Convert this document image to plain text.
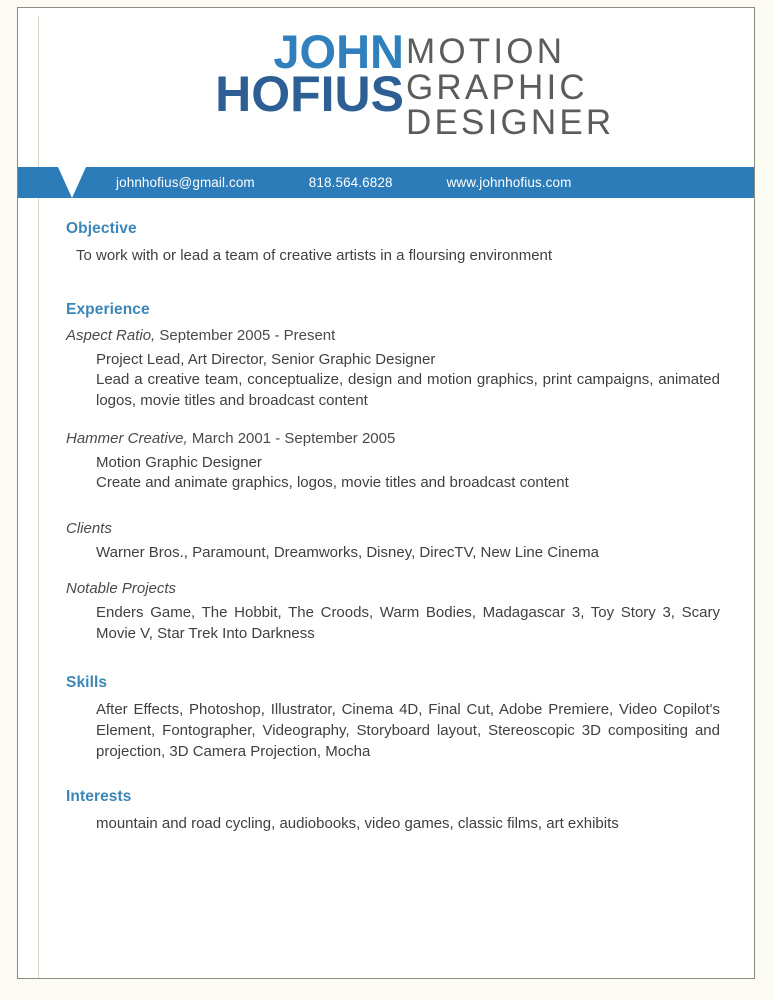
JOHN
HOFIUS
MOTION
GRAPHIC
DESIGNER
johnhofius@gmail.com	818.564.6828	www.johnhofius.com
Objective
To work with or lead a team of creative artists in a floursing environment
Experience
Aspect Ratio, September 2005 - Present
Project Lead, Art Director, Senior Graphic Designer
Lead a creative team, conceptualize, design and motion graphics, print campaigns, animated logos, movie titles and broadcast content
Hammer Creative, March 2001 - September 2005
Motion Graphic Designer
Create and animate graphics, logos, movie titles and broadcast content
Clients
Warner Bros., Paramount, Dreamworks, Disney, DirecTV, New Line Cinema
Notable Projects
Enders Game, The Hobbit, The Croods, Warm Bodies, Madagascar 3, Toy Story 3, Scary Movie V, Star Trek Into Darkness
Skills
After Effects, Photoshop, Illustrator, Cinema 4D, Final Cut, Adobe Premiere, Video Copilot's Element, Fontographer, Videography, Storyboard layout, Stereoscopic 3D compositing and projection, 3D Camera Projection, Mocha
Interests
mountain and road cycling, audiobooks, video games, classic films, art exhibits
